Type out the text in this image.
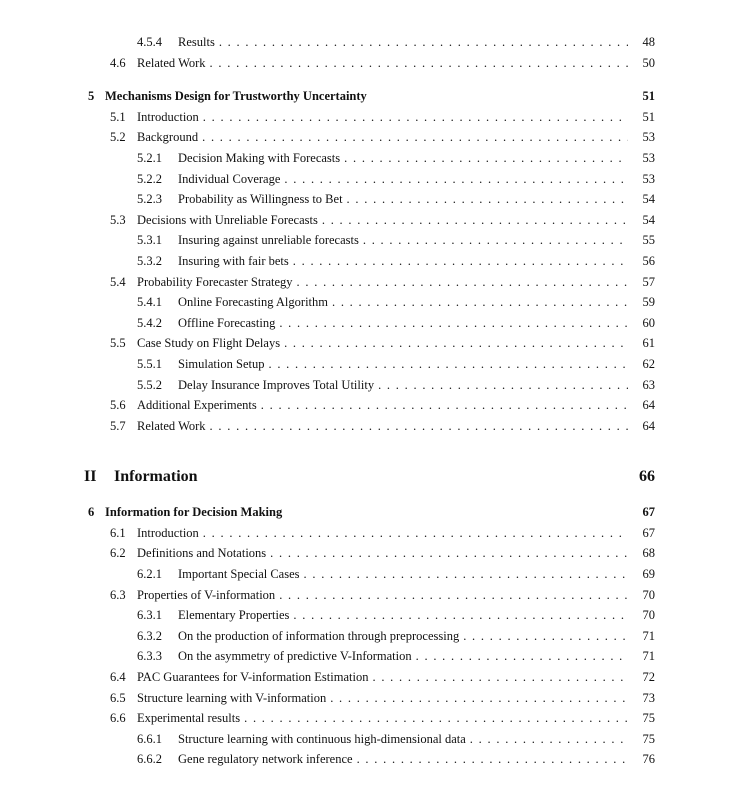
4.5.4	Results . . .	48
4.6 Related Work . . .	50
5 Mechanisms Design for Trustworthy Uncertainty	51
5.1 Introduction . . .	51
5.2 Background . . .	53
5.2.1	Decision Making with Forecasts . . .	53
5.2.2	Individual Coverage . . .	53
5.2.3	Probability as Willingness to Bet . . .	54
5.3 Decisions with Unreliable Forecasts . . .	54
5.3.1	Insuring against unreliable forecasts . . .	55
5.3.2	Insuring with fair bets . . .	56
5.4 Probability Forecaster Strategy . . .	57
5.4.1	Online Forecasting Algorithm . . .	59
5.4.2	Offline Forecasting . . .	60
5.5 Case Study on Flight Delays . . .	61
5.5.1	Simulation Setup . . .	62
5.5.2	Delay Insurance Improves Total Utility . . .	63
5.6 Additional Experiments . . .	64
5.7 Related Work . . .	64
II	Information	66
6 Information for Decision Making	67
6.1 Introduction . . .	67
6.2 Definitions and Notations . . .	68
6.2.1	Important Special Cases . . .	69
6.3 Properties of V-information . . .	70
6.3.1	Elementary Properties . . .	70
6.3.2	On the production of information through preprocessing . . .	71
6.3.3	On the asymmetry of predictive V-Information . . .	71
6.4 PAC Guarantees for V-information Estimation . . .	72
6.5 Structure learning with V-information . . .	73
6.6 Experimental results . . .	75
6.6.1	Structure learning with continuous high-dimensional data . . .	75
6.6.2	Gene regulatory network inference . . .	76
